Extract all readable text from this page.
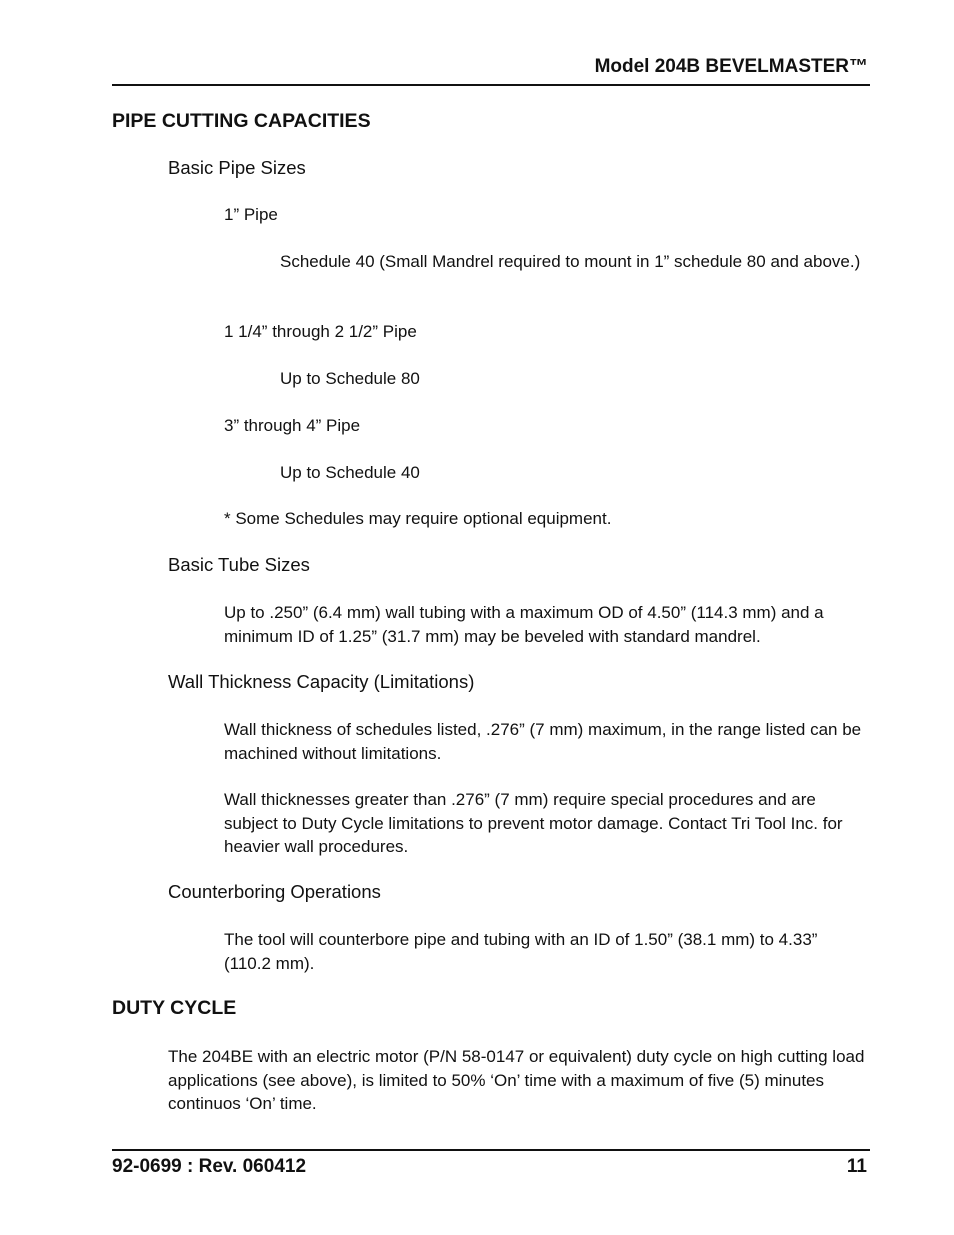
Model 204B BEVELMASTER™
PIPE CUTTING CAPACITIES
Basic Pipe Sizes
1” Pipe
Schedule 40 (Small Mandrel required to mount in 1” schedule 80 and above.)
1 1/4” through 2 1/2” Pipe
Up to Schedule 80
3” through 4” Pipe
Up to Schedule 40
* Some Schedules may require optional equipment.
Basic Tube Sizes
Up to .250” (6.4 mm) wall tubing with a maximum OD of 4.50” (114.3 mm) and a minimum ID of 1.25” (31.7 mm) may be beveled with standard mandrel.
Wall Thickness Capacity (Limitations)
Wall thickness of schedules listed, .276” (7 mm) maximum, in the range listed can be machined without limitations.
Wall thicknesses greater than .276” (7 mm) require special procedures and are subject to Duty Cycle limitations to prevent motor damage. Contact Tri Tool Inc. for heavier wall procedures.
Counterboring Operations
The tool will counterbore pipe and tubing with an ID of 1.50” (38.1 mm) to 4.33” (110.2 mm).
DUTY CYCLE
The 204BE with an electric motor (P/N 58-0147 or equivalent) duty cycle on high cutting load applications (see above), is limited to 50% ‘On’ time with a maximum of five (5) minutes continuos ‘On’ time.
92-0699 : Rev. 060412	11
